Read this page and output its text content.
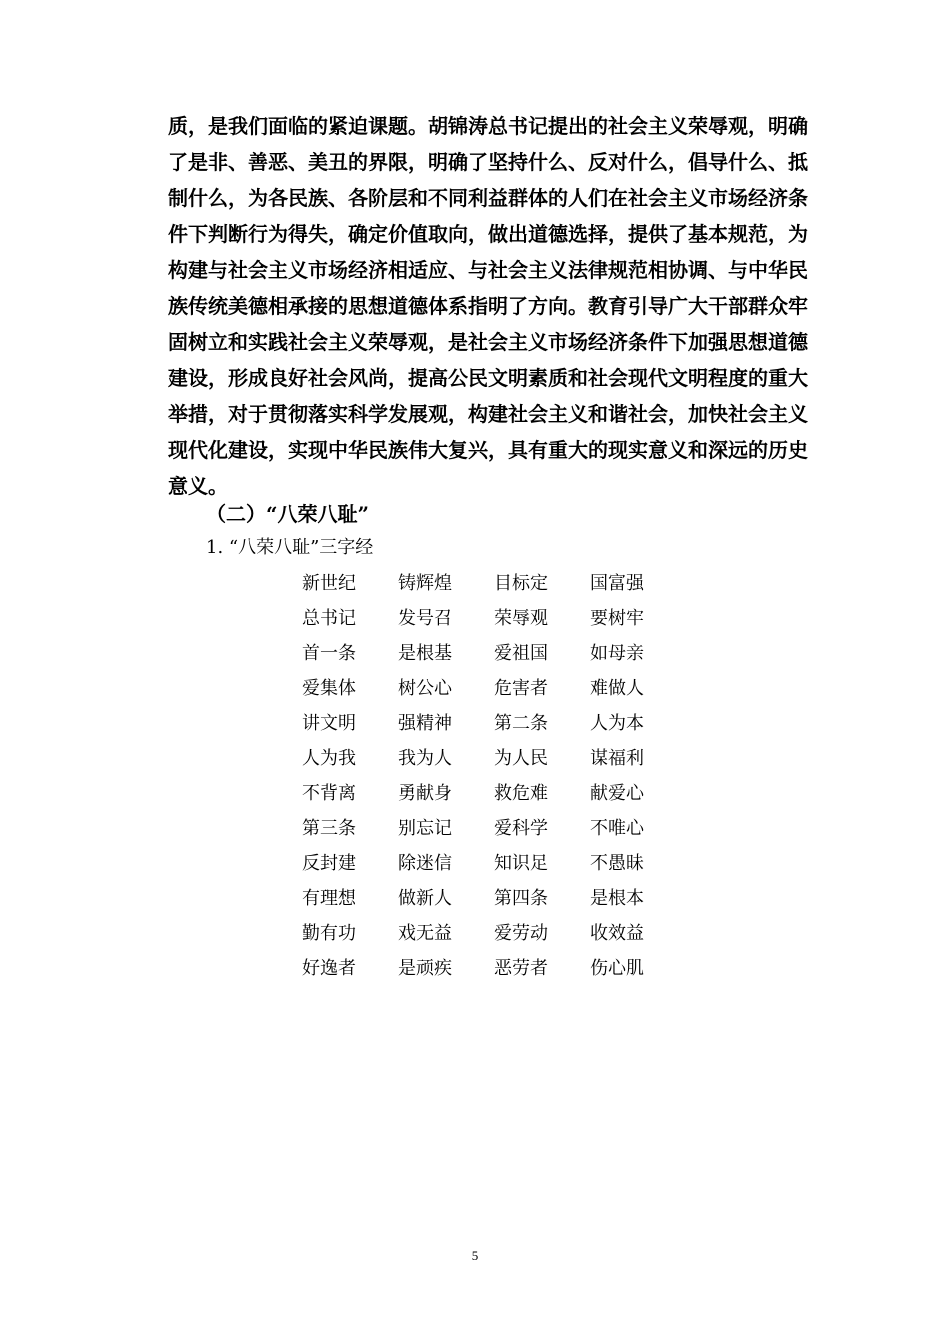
质，是我们面临的紧迫课题。胡锦涛总书记提出的社会主义荣辱观，明确
了是非、善恶、美丑的界限，明确了坚持什么、反对什么，倡导什么、抵
制什么，为各民族、各阶层和不同利益群体的人们在社会主义市场经济条
件下判断行为得失，确定价值取向，做出道德选择，提供了基本规范，为
构建与社会主义市场经济相适应、与社会主义法律规范相协调、与中华民
族传统美德相承接的思想道德体系指明了方向。教育引导广大干部群众牢
固树立和实践社会主义荣辱观，是社会主义市场经济条件下加强思想道德
建设，形成良好社会风尚，提高公民文明素质和社会现代文明程度的重大
举措，对于贯彻落实科学发展观，构建社会主义和谐社会，加快社会主义
现代化建设，实现中华民族伟大复兴，具有重大的现实意义和深远的历史
意义。
（二）“八荣八耻”
1. “八荣八耻”三字经
新世纪	铸辉煌	目标定	国富强
总书记	发号召	荣辱观	要树牢
首一条	是根基	爱祖国	如母亲
爱集体	树公心	危害者	难做人
讲文明	强精神	第二条	人为本
人为我	我为人	为人民	谋福利
不背离	勇献身	救危难	献爱心
第三条	别忘记	爱科学	不唯心
反封建	除迷信	知识足	不愚昧
有理想	做新人	第四条	是根本
勤有功	戏无益	爱劳动	收效益
好逸者	是顽疾	恶劳者	伤心肌
5
